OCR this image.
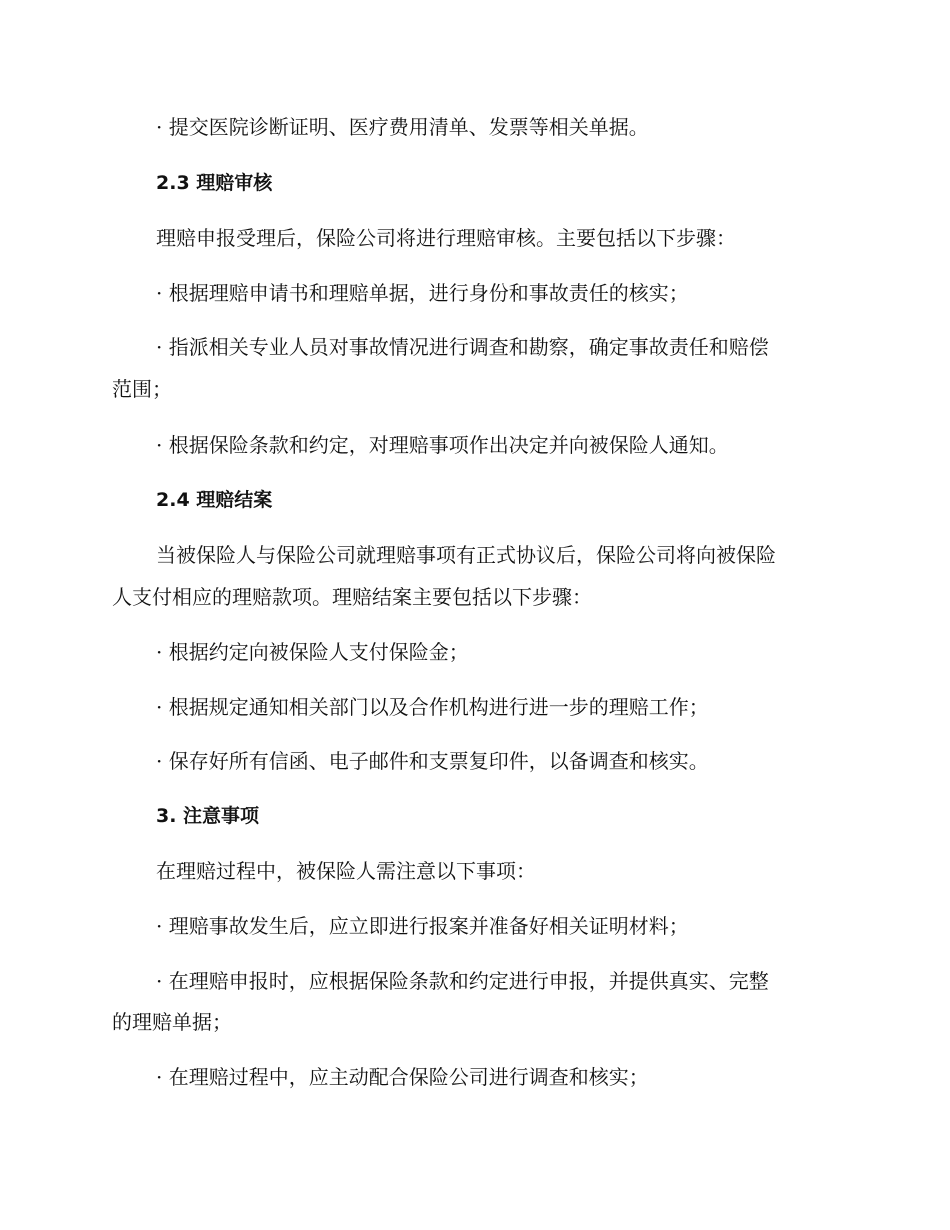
· 提交医院诊断证明、医疗费用清单、发票等相关单据。
2.3 理赔审核
理赔申报受理后，保险公司将进行理赔审核。主要包括以下步骤：
· 根据理赔申请书和理赔单据，进行身份和事故责任的核实；
· 指派相关专业人员对事故情况进行调查和勘察，确定事故责任和赔偿
范围；
· 根据保险条款和约定，对理赔事项作出决定并向被保险人通知。
2.4 理赔结案
当被保险人与保险公司就理赔事项有正式协议后，保险公司将向被保险
人支付相应的理赔款项。理赔结案主要包括以下步骤：
· 根据约定向被保险人支付保险金；
· 根据规定通知相关部门以及合作机构进行进一步的理赔工作；
· 保存好所有信函、电子邮件和支票复印件，以备调查和核实。
3. 注意事项
在理赔过程中，被保险人需注意以下事项：
· 理赔事故发生后，应立即进行报案并准备好相关证明材料；
· 在理赔申报时，应根据保险条款和约定进行申报，并提供真实、完整
的理赔单据；
· 在理赔过程中，应主动配合保险公司进行调查和核实；
